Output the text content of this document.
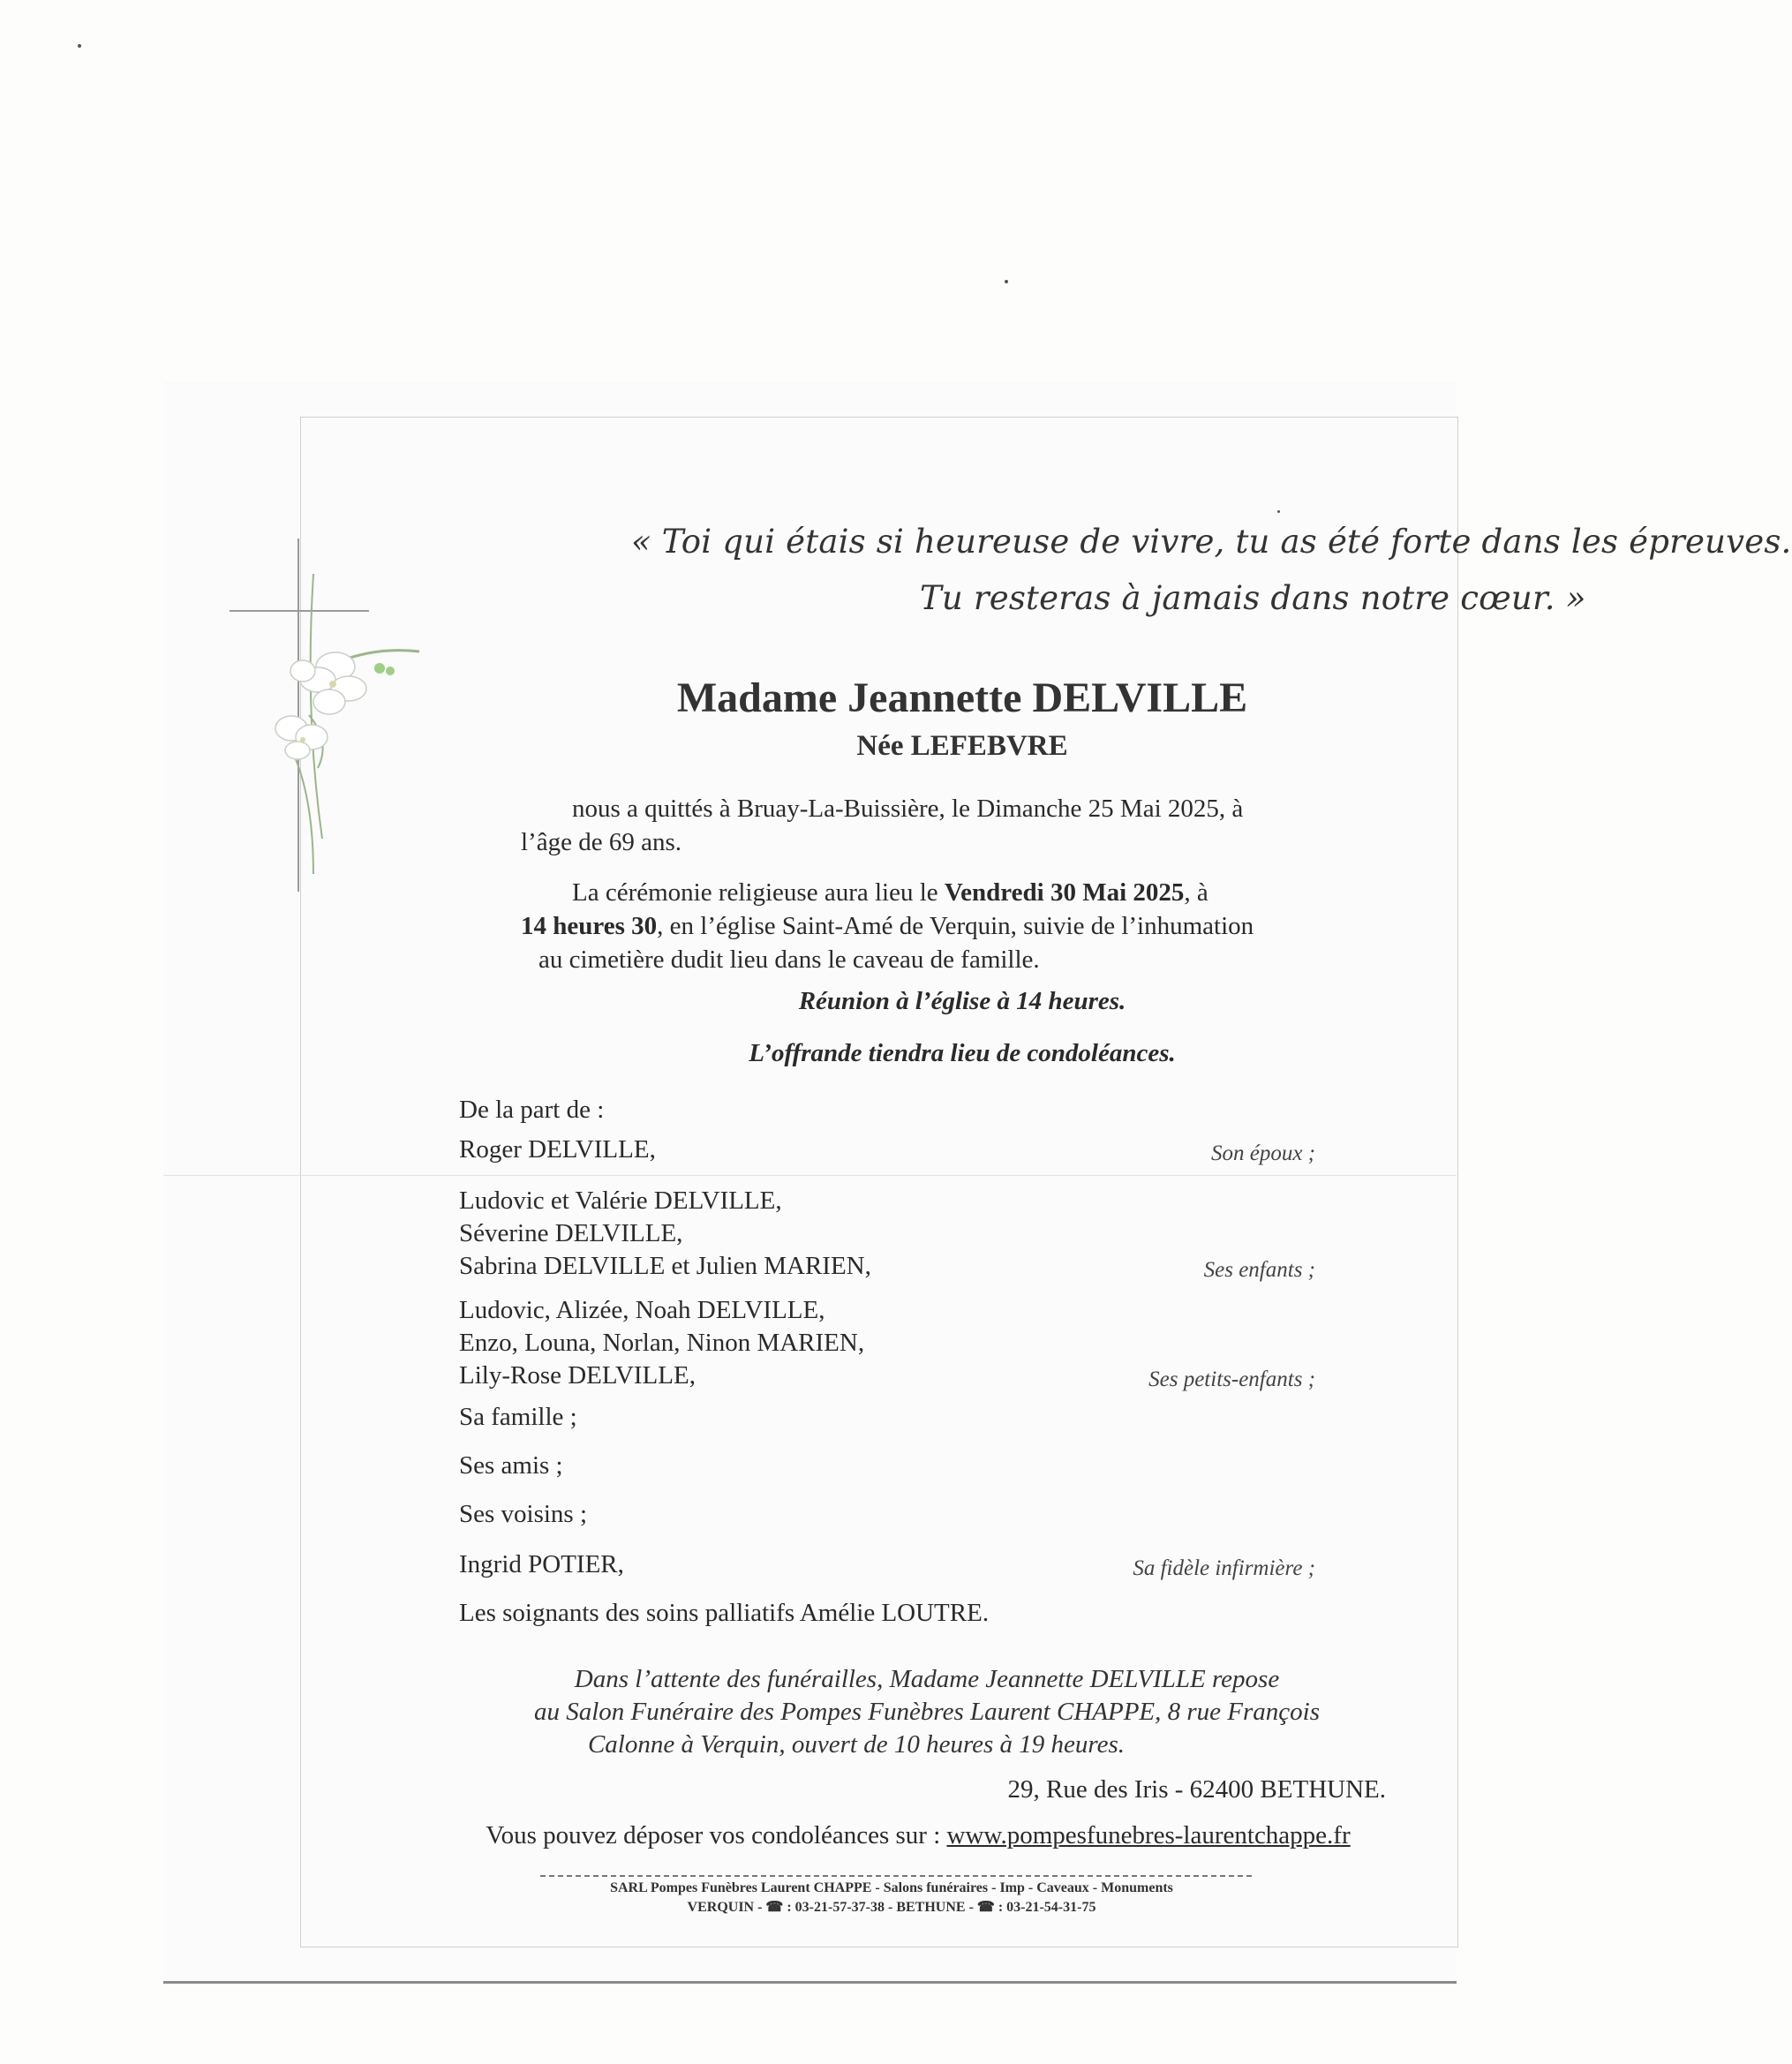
« Toi qui étais si heureuse de vivre, tu as été forte dans les épreuves.
Tu resteras à jamais dans notre cœur. »
Madame Jeannette DELVILLE
Née LEFEBVRE
nous a quittés à Bruay-La-Buissière, le Dimanche 25 Mai 2025, à
l’âge de 69 ans.
La cérémonie religieuse aura lieu le Vendredi 30 Mai 2025, à
14 heures 30, en l’église Saint-Amé de Verquin, suivie de l’inhumation
au cimetière dudit lieu dans le caveau de famille.
Réunion à l’église à 14 heures.
L’offrande tiendra lieu de condoléances.
De la part de :
Roger DELVILLE,	Son époux ;
Ludovic et Valérie DELVILLE,
Séverine DELVILLE,
Sabrina DELVILLE et Julien MARIEN,	Ses enfants ;
Ludovic, Alizée, Noah DELVILLE,
Enzo, Louna, Norlan, Ninon MARIEN,
Lily-Rose DELVILLE,	Ses petits-enfants ;
Sa famille ;
Ses amis ;
Ses voisins ;
Ingrid POTIER,	Sa fidèle infirmière ;
Les soignants des soins palliatifs Amélie LOUTRE.
Dans l’attente des funérailles, Madame Jeannette DELVILLE repose
au Salon Funéraire des Pompes Funèbres Laurent CHAPPE, 8 rue François
Calonne à Verquin, ouvert de 10 heures à 19 heures.
29, Rue des Iris - 62400 BETHUNE.
Vous pouvez déposer vos condoléances sur : www.pompesfunebres-laurentchappe.fr
SARL Pompes Funèbres Laurent CHAPPE - Salons funéraires - Imp - Caveaux - Monuments
VERQUIN - ☎ : 03-21-57-37-38 - BETHUNE - ☎ : 03-21-54-31-75
